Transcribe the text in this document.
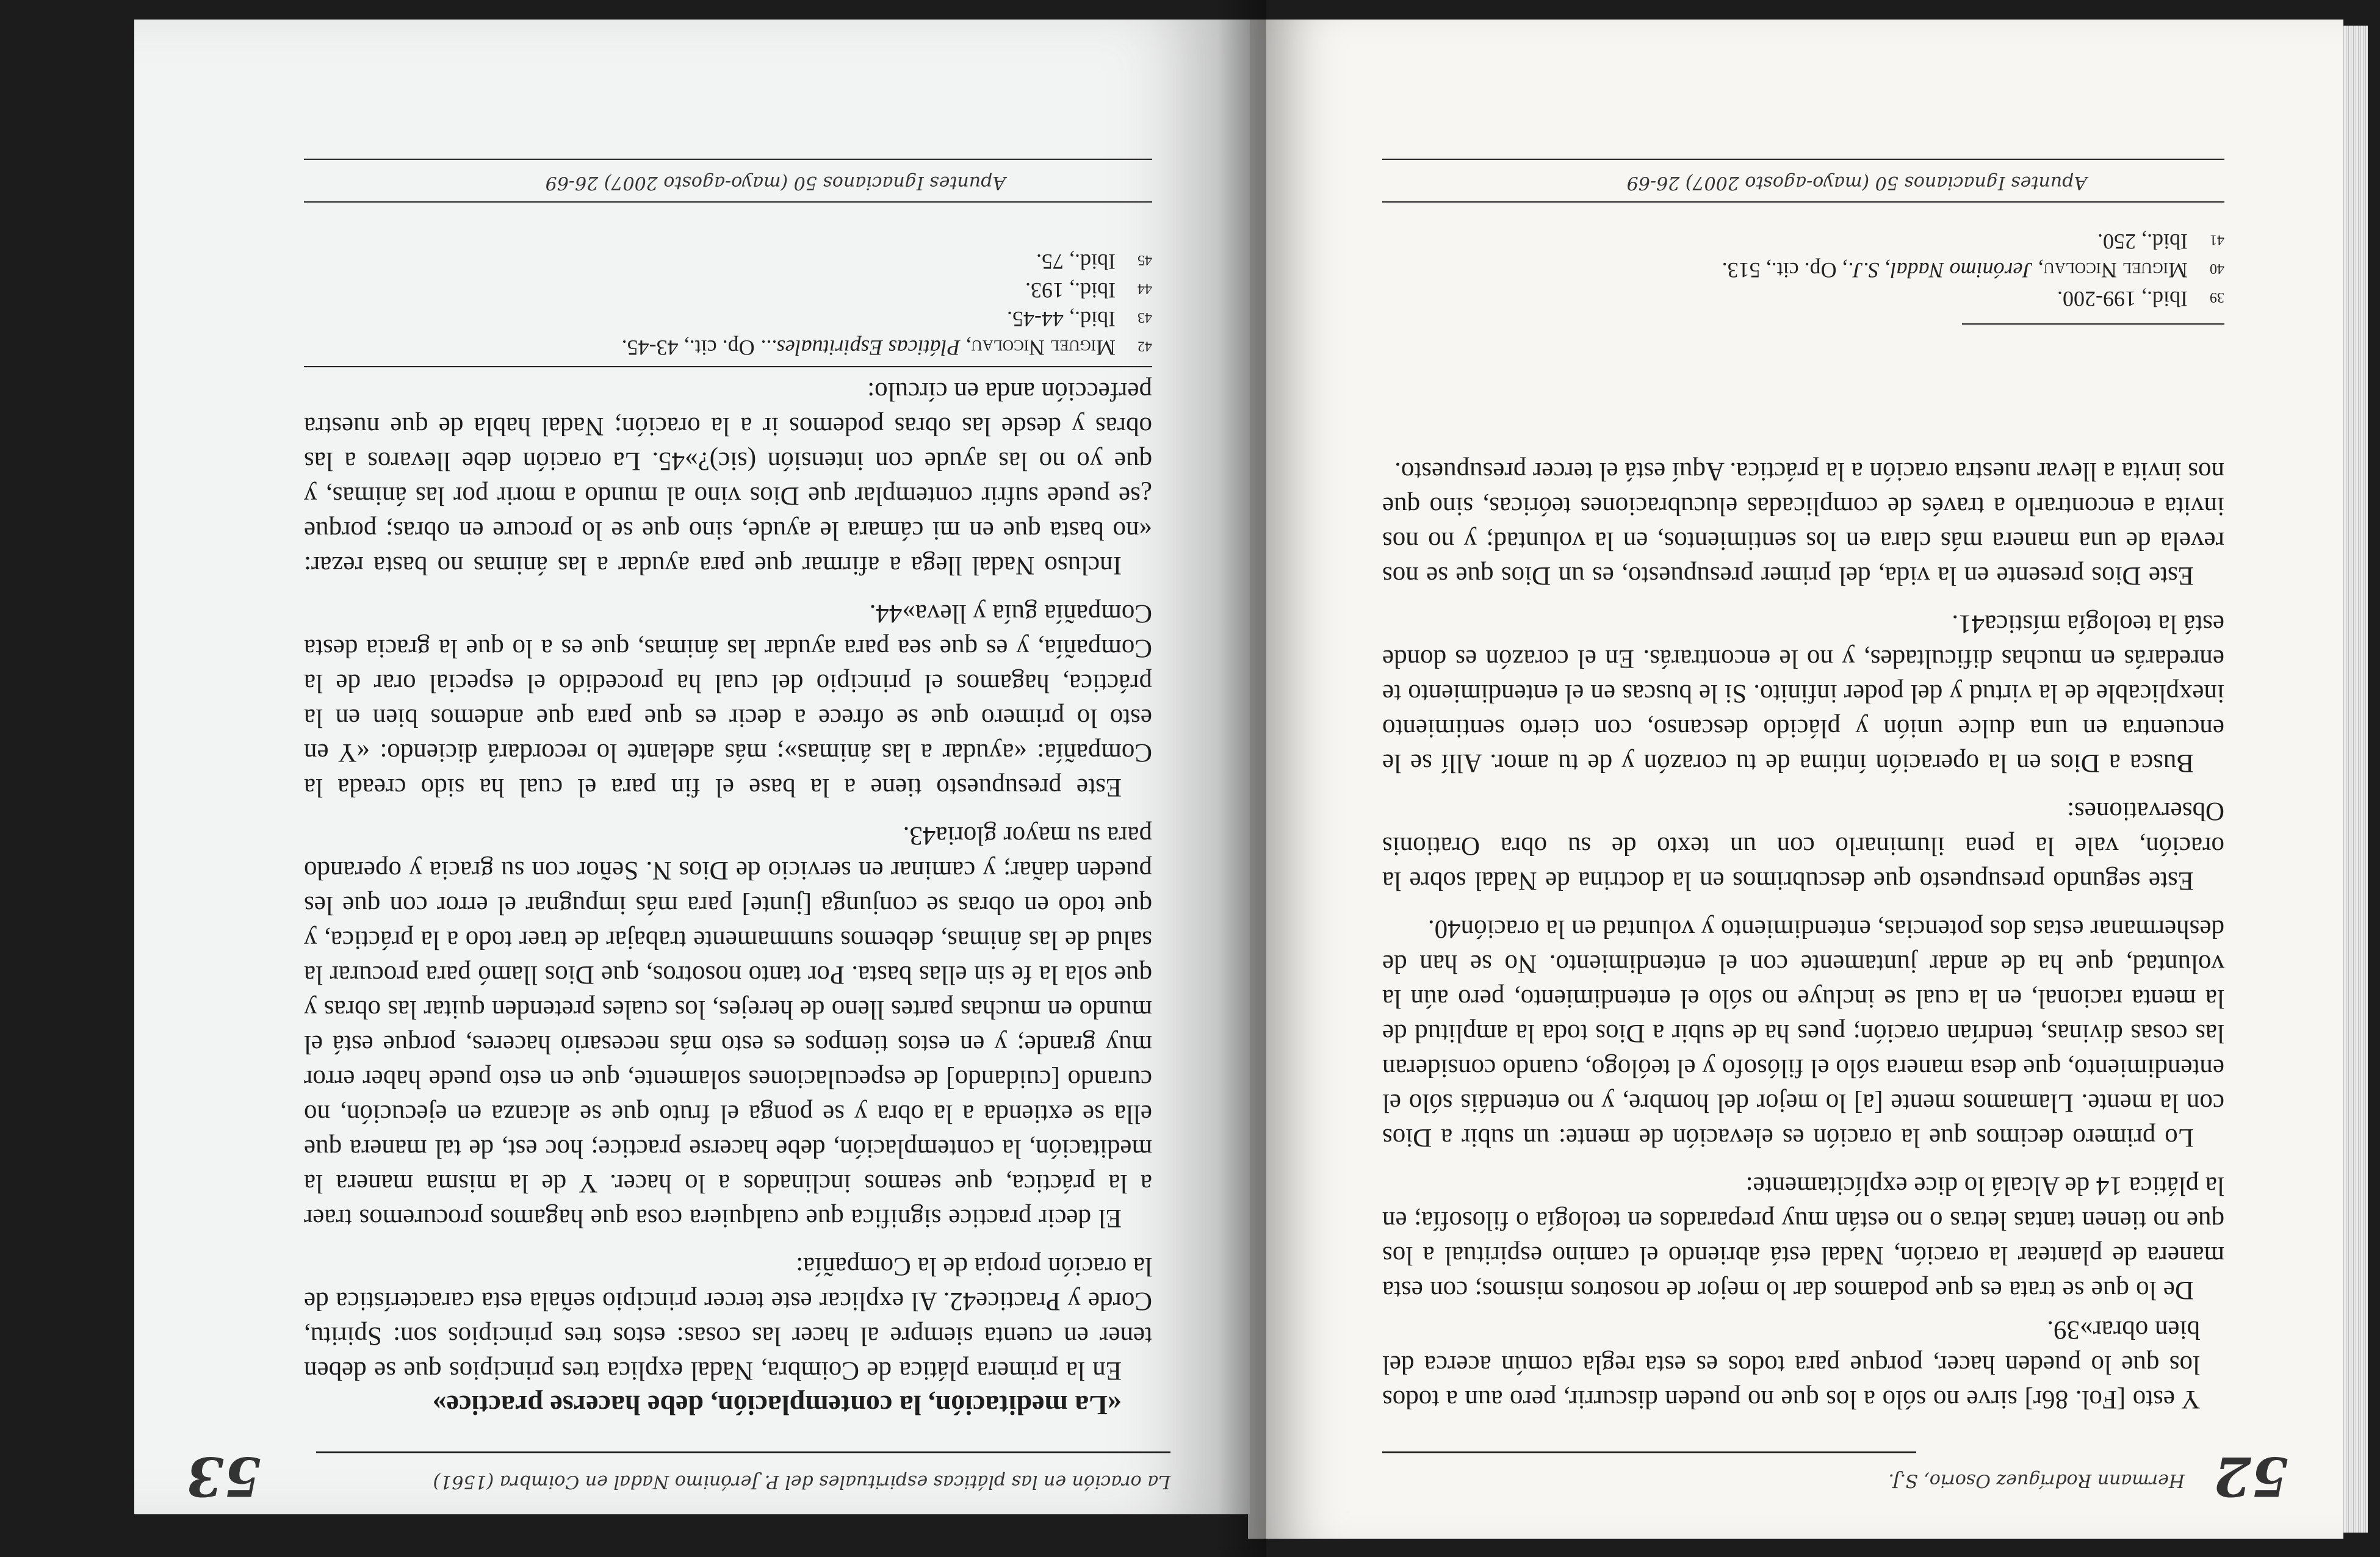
52
Hermann Rodríguez Osorio, S.J.

Y esto [Fol. 86r] sirve no sólo a los que no pueden discurrir, pero aun a todos los que lo pueden hacer, porque para todos es esta regla común acerca del bien obrar»39.

De lo que se trata es que podamos dar lo mejor de nosotros mismos; con esta manera de plantear la oración, Nadal está abriendo el camino espiritual a los que no tienen tantas letras o no están muy preparados en teología o filosofía; en la plática 14 de Alcalá lo dice explícitamente:

Lo primero decimos que la oración es elevación de mente: un subir a Dios con la mente. Llamamos mente [a] lo mejor del hombre, y no entendáis sólo el entendimiento, que desa manera sólo el filósofo y el teólogo, cuando consideran las cosas divinas, tendrían oración; pues ha de subir a Dios toda la amplitud de la menta racional, en la cual se incluye no sólo el entendimiento, pero aún la voluntad, que ha de andar juntamente con el entendimiento. No se han de deshermanar estas dos potencias, entendimiento y voluntad en la oración40.

Este segundo presupuesto que descubrimos en la doctrina de Nadal sobre la oración, vale la pena iluminarlo con un texto de su obra Orationis Observationes:

Busca a Dios en la operación íntima de tu corazón y de tu amor. Allí se le encuentra en una dulce unión y plácido descanso, con cierto sentimiento inexplicable de la virtud y del poder infinito. Si le buscas en el entendimiento te enredarás en muchas dificultades, y no le encontrarás. En el corazón es donde está la teología mística41.

Este Dios presente en la vida, del primer presupuesto, es un Dios que se nos revela de una manera más clara en los sentimientos, en la voluntad; y no nos invita a encontrarlo a través de complicadas elucubraciones teóricas, sino que nos invita a llevar nuestra oración a la práctica. Aquí está el tercer presupuesto.

39Ibid., 199-200.
40Miguel Nicolau, Jerónimo Nadal, S.J., Op. cit., 513.
41Ibid., 250.
Apuntes Ignacianos 50 (mayo-agosto 2007) 26-69
La oración en las pláticas espirituales del P. Jerónimo Nadal en Coimbra (1561)
53

«La meditación, la contemplación, debe hacerse practice»

En la primera plática de Coimbra, Nadal explica tres principios que se deben tener en cuenta siempre al hacer las cosas: estos tres principios son: Spiritu, Corde y Practice42. Al explicar este tercer principio señala esta característica de la oración propia de la Compañía:

El decir practice significa que cualquiera cosa que hagamos procuremos traer a la práctica, que seamos inclinados a lo hacer. Y de la misma manera la meditación, la contemplación, debe hacerse practice; hoc est, de tal manera que ella se extienda a la obra y se ponga el fruto que se alcanza en ejecución, no curando [cuidando] de especulaciones solamente, que en esto puede haber error muy grande; y en estos tiempos es esto más necesario haceres, porque está el mundo en muchas partes lleno de herejes, los cuales pretenden quitar las obras y que sola la fe sin ellas basta. Por tanto nosotros, que Dios llamó para procurar la salud de las ánimas, debemos summamente trabajar de traer todo a la práctica, y que todo en obras se conjunga [junte] para más impugnar el error con que les pueden dañar; y caminar en servicio de Dios N. Señor con su gracia y operando para su mayor gloria43.

Este presupuesto tiene a la base el fin para el cual ha sido creada la Compañía: «ayudar a las ánimas»; más adelante lo recordará diciendo: «Y en esto lo primero que se ofrece a decir es que para que andemos bien en la práctica, hagamos el principio del cual ha procedido el especial orar de la Compañía, y es que sea para ayudar las ánimas, que es a lo que la gracia desta Compañía guía y lleva»44.

Incluso Nadal llega a afirmar que para ayudar a las ánimas no basta rezar: «no basta que en mi cámara le ayude, sino que se lo procure en obras; porque ¿se puede sufrir contemplar que Dios vino al mundo a morir por las ánimas, y que yo no las ayude con intensión (sic)?»45. La oración debe llevaros a las obras y desde las obras podemos ir a la oración; Nadal habla de que nuestra perfección anda en círculo:

42Miguel Nicolau, Pláticas Espirituales... Op. cit., 43-45.
43Ibid., 44-45.
44Ibid., 193.
45Ibid., 75.
Apuntes Ignacianos 50 (mayo-agosto 2007) 26-69
